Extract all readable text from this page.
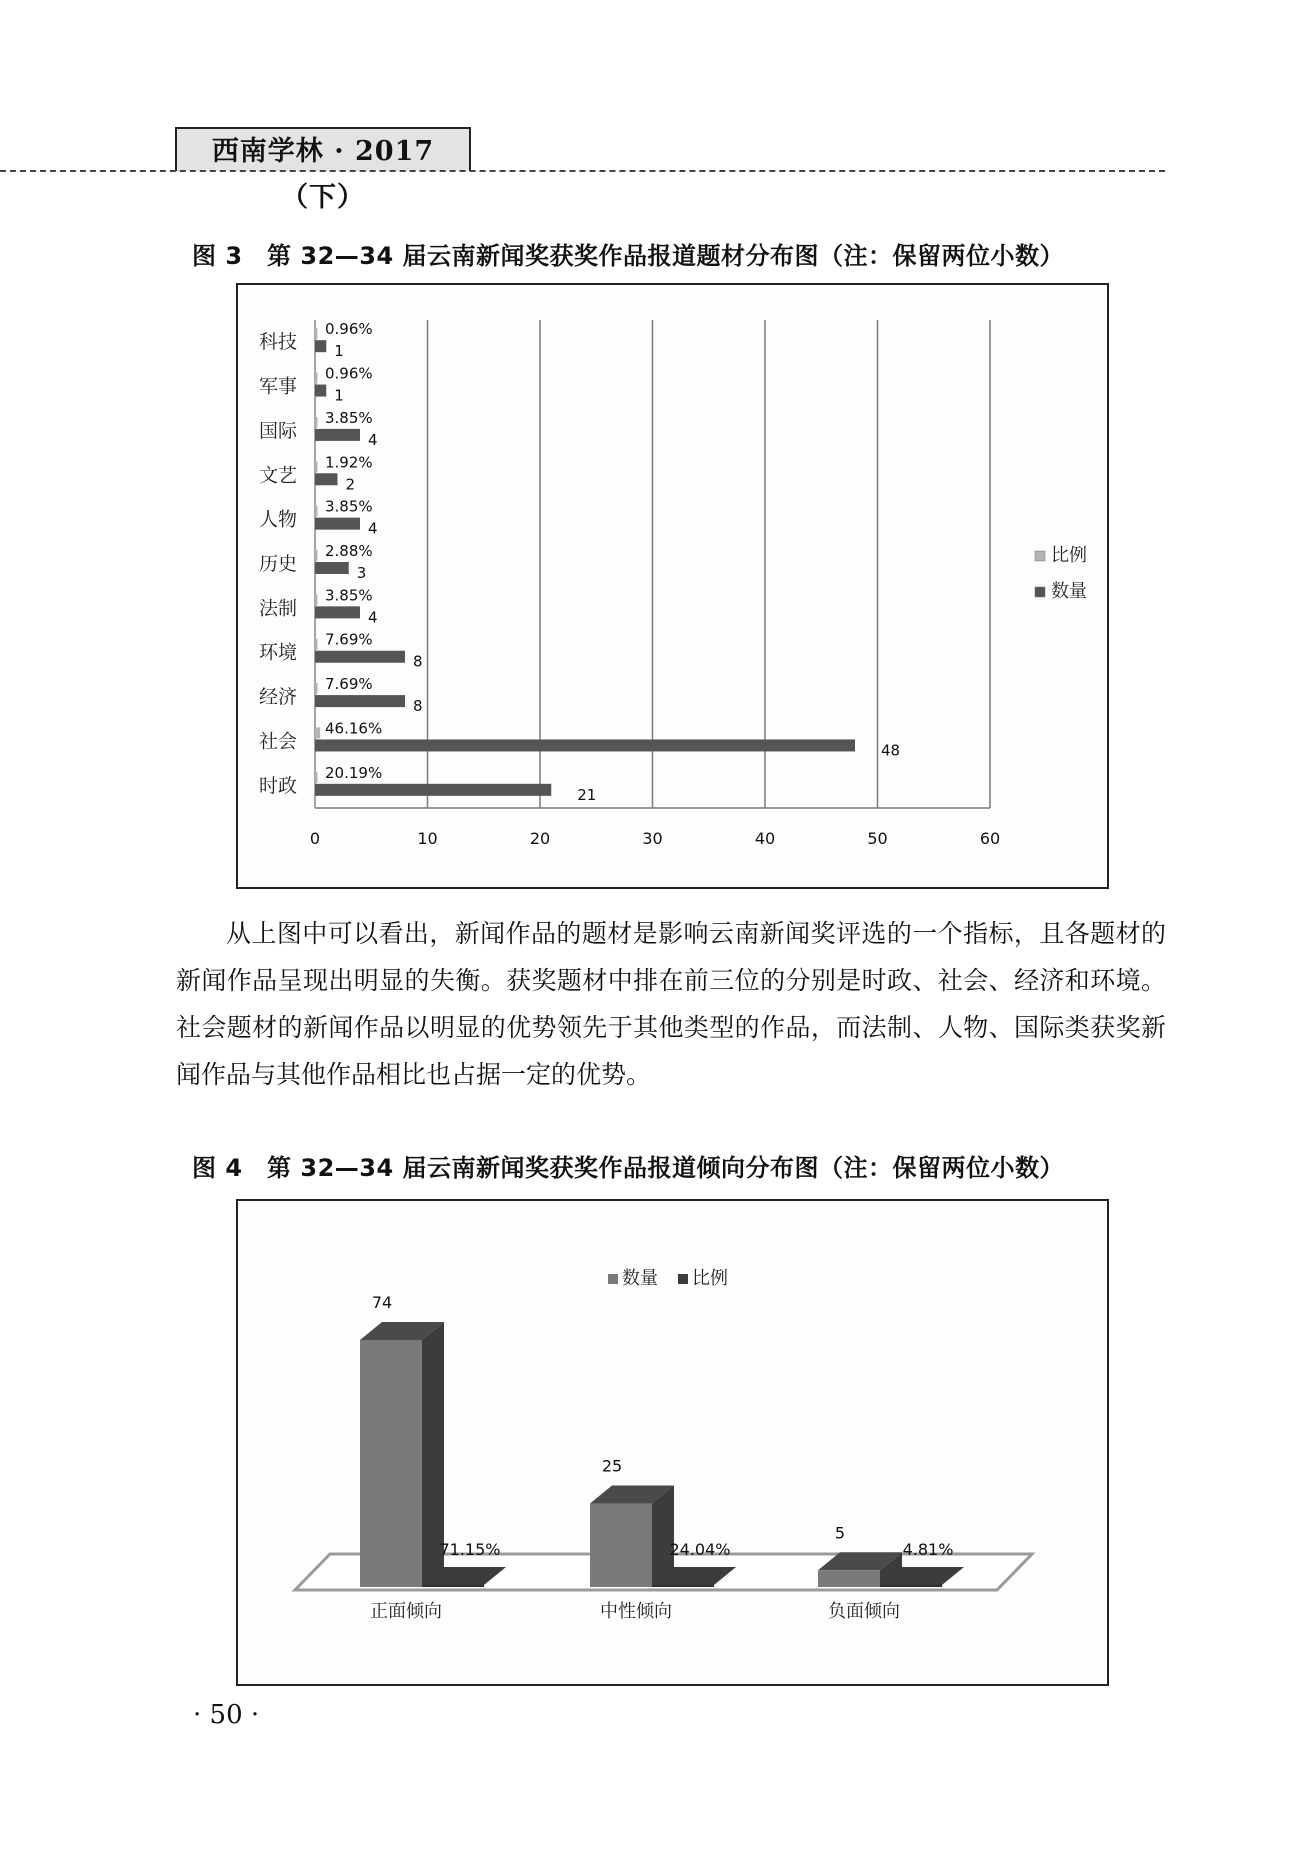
西南学林 · 2017（下）
图 3　第 32—34 届云南新闻奖获奖作品报道题材分布图（注：保留两位小数）
0	10	20	30	40	50	60
科技
0.96%
1
军事
0.96%
1
国际
3.85%
4
文艺
1.92%
2
人物
3.85%
4
历史
2.88%
3
法制
3.85%
4
环境
7.69%
8
经济
7.69%
8
社会
46.16%
48
时政
20.19%
21
比例
数量

从上图中可以看出，新闻作品的题材是影响云南新闻奖评选的一个指标，且各题材的新闻作品呈现出明显的失衡。获奖题材中排在前三位的分别是时政、社会、经济和环境。社会题材的新闻作品以明显的优势领先于其他类型的作品，而法制、人物、国际类获奖新闻作品与其他作品相比也占据一定的优势。

图 4　第 32—34 届云南新闻奖获奖作品报道倾向分布图（注：保留两位小数）
74
71.15%
正面倾向
25
24.04%
中性倾向
5
4.81%
负面倾向
数量 比例
· 50 ·
